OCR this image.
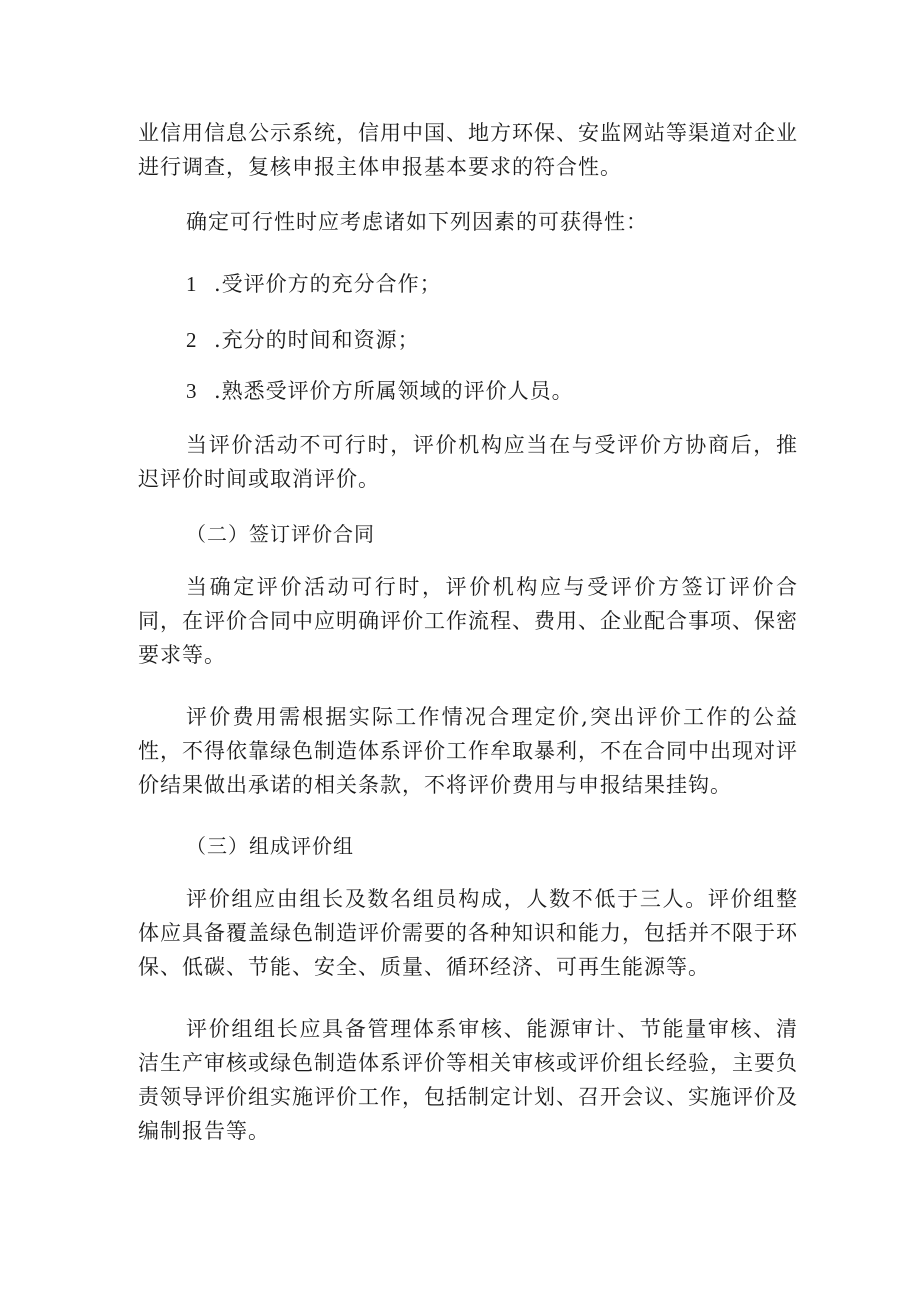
业信用信息公示系统，信用中国、地方环保、安监网站等渠道对企业进行调查，复核申报主体申报基本要求的符合性。

确定可行性时应考虑诸如下列因素的可获得性：

1 .受评价方的充分合作；

2 .充分的时间和资源；

3 .熟悉受评价方所属领域的评价人员。

当评价活动不可行时，评价机构应当在与受评价方协商后，推迟评价时间或取消评价。

（二）签订评价合同

当确定评价活动可行时，评价机构应与受评价方签订评价合同，在评价合同中应明确评价工作流程、费用、企业配合事项、保密要求等。

评价费用需根据实际工作情况合理定价,突出评价工作的公益性，不得依靠绿色制造体系评价工作牟取暴利，不在合同中出现对评价结果做出承诺的相关条款，不将评价费用与申报结果挂钩。

（三）组成评价组

评价组应由组长及数名组员构成，人数不低于三人。评价组整体应具备覆盖绿色制造评价需要的各种知识和能力，包括并不限于环保、低碳、节能、安全、质量、循环经济、可再生能源等。

评价组组长应具备管理体系审核、能源审计、节能量审核、清洁生产审核或绿色制造体系评价等相关审核或评价组长经验，主要负责领导评价组实施评价工作，包括制定计划、召开会议、实施评价及编制报告等。
